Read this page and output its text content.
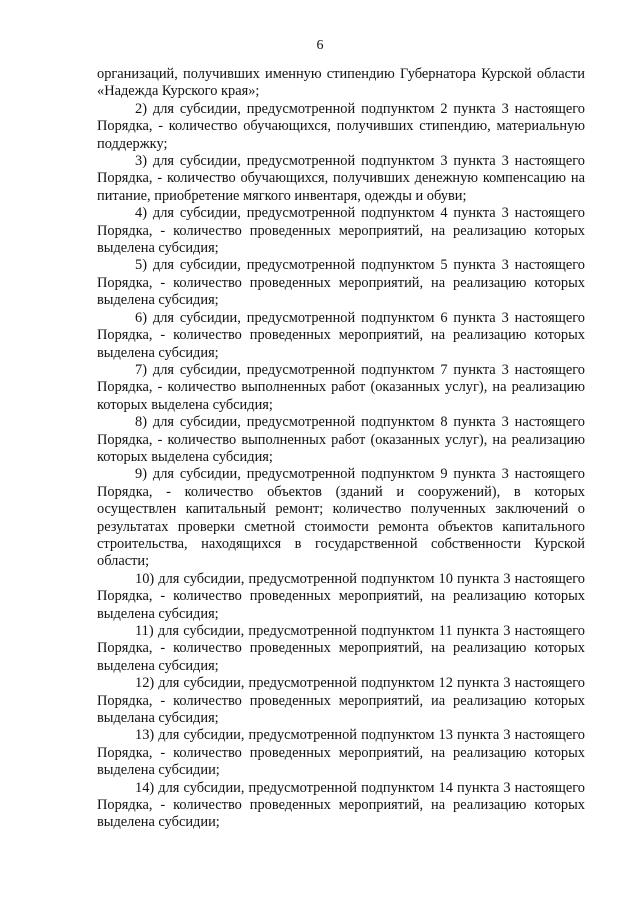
6

организаций, получивших именную стипендию Губернатора Курской области «Надежда Курского края»;

2) для субсидии, предусмотренной подпунктом 2 пункта 3 настоящего Порядка, - количество обучающихся, получивших стипендию, материальную поддержку;

3) для субсидии, предусмотренной подпунктом 3 пункта 3 настоящего Порядка, - количество обучающихся, получивших денежную компенсацию на питание, приобретение мягкого инвентаря, одежды и обуви;

4) для субсидии, предусмотренной подпунктом 4 пункта 3 настоящего Порядка, - количество проведенных мероприятий, на реализацию которых выделена субсидия;

5) для субсидии, предусмотренной подпунктом 5 пункта 3 настоящего Порядка, - количество проведенных мероприятий, на реализацию которых выделена субсидия;

6) для субсидии, предусмотренной подпунктом 6 пункта 3 настоящего Порядка, - количество проведенных мероприятий, на реализацию которых выделена субсидия;

7) для субсидии, предусмотренной подпунктом 7 пункта 3 настоящего Порядка, - количество выполненных работ (оказанных услуг), на реализацию которых выделена субсидия;

8) для субсидии, предусмотренной подпунктом 8 пункта 3 настоящего Порядка, - количество выполненных работ (оказанных услуг), на реализацию которых выделена субсидия;

9) для субсидии, предусмотренной подпунктом 9 пункта 3 настоящего Порядка, - количество объектов (зданий и сооружений), в которых осуществлен капитальный ремонт; количество полученных заключений о результатах проверки сметной стоимости ремонта объектов капитального строительства, находящихся в государственной собственности Курской области;

10) для субсидии, предусмотренной подпунктом 10 пункта 3 настоящего Порядка, - количество проведенных мероприятий, на реализацию которых выделена субсидия;

11) для субсидии, предусмотренной подпунктом 11 пункта 3 настоящего Порядка, - количество проведенных мероприятий, на реализацию которых выделена субсидия;

12) для субсидии, предусмотренной подпунктом 12 пункта 3 настоящего Порядка, - количество проведенных мероприятий, иа реализацию которых выделана субсидия;

13) для субсидии, предусмотренной подпунктом 13 пункта 3 настоящего Порядка, - количество проведенных мероприятий, на реализацию которых выделена субсидии;

14) для субсидии, предусмотренной подпунктом 14 пункта 3 настоящего Порядка, - количество проведенных мероприятий, на реализацию которых выделена субсидии;
